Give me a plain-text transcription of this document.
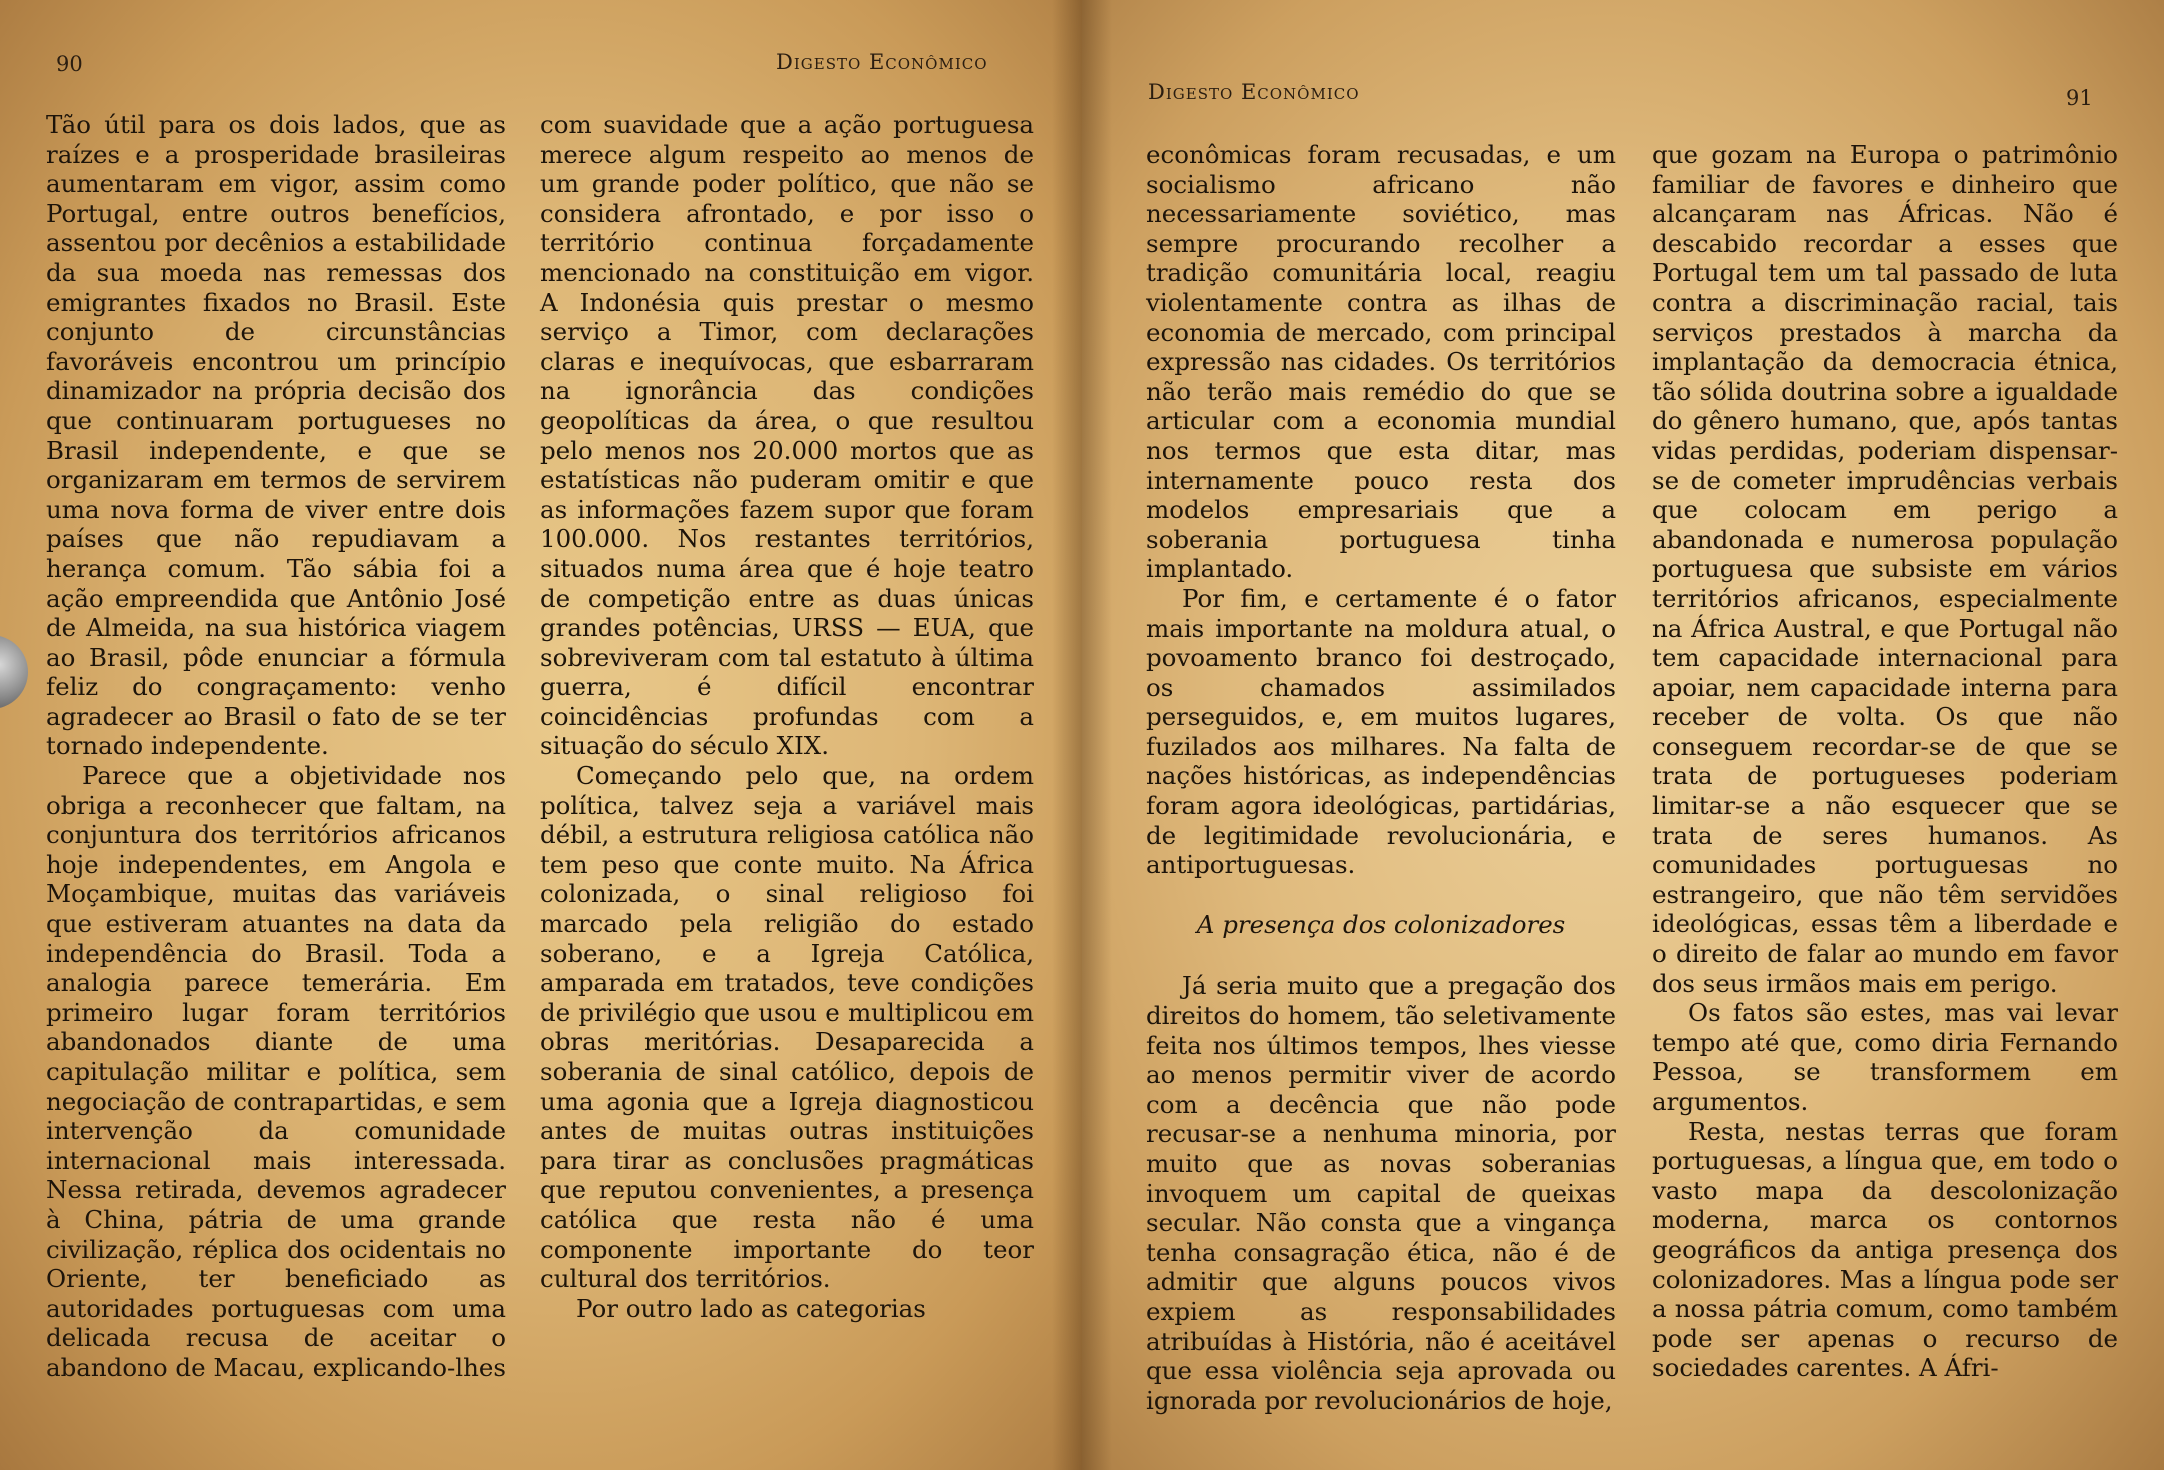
90	Digesto Econômico

Tão útil para os dois lados, que as raízes e a prosperidade brasileiras aumentaram em vigor, assim como Portugal, entre outros benefícios, assentou por decênios a estabilidade da sua moeda nas remessas dos emigrantes fixados no Brasil. Este conjunto de circunstâncias favoráveis encontrou um princípio dinamizador na própria decisão dos que continuaram portugueses no Brasil independente, e que se organizaram em termos de servirem uma nova forma de viver entre dois países que não repudiavam a herança comum. Tão sábia foi a ação empreendida que Antônio José de Almeida, na sua histórica viagem ao Brasil, pôde enunciar a fórmula feliz do congraçamento: venho agradecer ao Brasil o fato de se ter tornado independente.

Parece que a objetividade nos obriga a reconhecer que faltam, na conjuntura dos territórios africanos hoje independentes, em Angola e Moçambique, muitas das variáveis que estiveram atuantes na data da independência do Brasil. Toda a analogia parece temerária. Em primeiro lugar foram territórios abandonados diante de uma capitulação militar e política, sem negociação de contrapartidas, e sem intervenção da comunidade internacional mais interessada. Nessa retirada, devemos agradecer à China, pátria de uma grande civilização, réplica dos ocidentais no Oriente, ter beneficiado as autoridades portuguesas com uma delicada recusa de aceitar o abandono de Macau, explicando-lhes

com suavidade que a ação portuguesa merece algum respeito ao menos de um grande poder político, que não se considera afrontado, e por isso o território continua forçadamente mencionado na constituição em vigor. A Indonésia quis prestar o mesmo serviço a Timor, com declarações claras e inequívocas, que esbarraram na ignorância das condições geopolíticas da área, o que resultou pelo menos nos 20.000 mortos que as estatísticas não puderam omitir e que as informações fazem supor que foram 100.000. Nos restantes territórios, situados numa área que é hoje teatro de competição entre as duas únicas grandes potências, URSS — EUA, que sobreviveram com tal estatuto à última guerra, é difícil encontrar coincidências profundas com a situação do século XIX.

Começando pelo que, na ordem política, talvez seja a variável mais débil, a estrutura religiosa católica não tem peso que conte muito. Na África colonizada, o sinal religioso foi marcado pela religião do estado soberano, e a Igreja Católica, amparada em tratados, teve condições de privilégio que usou e multiplicou em obras meritórias. Desaparecida a soberania de sinal católico, depois de uma agonia que a Igreja diagnosticou antes de muitas outras instituições para tirar as conclusões pragmáticas que reputou convenientes, a presença católica que resta não é uma componente importante do teor cultural dos territórios.

Por outro lado as categorias

Digesto Econômico	91

econômicas foram recusadas, e um socialismo africano não necessariamente soviético, mas sempre procurando recolher a tradição comunitária local, reagiu violentamente contra as ilhas de economia de mercado, com principal expressão nas cidades. Os territórios não terão mais remédio do que se articular com a economia mundial nos termos que esta ditar, mas internamente pouco resta dos modelos empresariais que a soberania portuguesa tinha implantado.

Por fim, e certamente é o fator mais importante na moldura atual, o povoamento branco foi destroçado, os chamados assimilados perseguidos, e, em muitos lugares, fuzilados aos milhares. Na falta de nações históricas, as independências foram agora ideológicas, partidárias, de legitimidade revolucionária, e antiportuguesas.

A presença dos colonizadores

Já seria muito que a pregação dos direitos do homem, tão seletivamente feita nos últimos tempos, lhes viesse ao menos permitir viver de acordo com a decência que não pode recusar-se a nenhuma minoria, por muito que as novas soberanias invoquem um capital de queixas secular. Não consta que a vingança tenha consagração ética, não é de admitir que alguns poucos vivos expiem as responsabilidades atribuídas à História, não é aceitável que essa violência seja aprovada ou ignorada por revolucionários de hoje,

que gozam na Europa o patrimônio familiar de favores e dinheiro que alcançaram nas Áfricas. Não é descabido recordar a esses que Portugal tem um tal passado de luta contra a discriminação racial, tais serviços prestados à marcha da implantação da democracia étnica, tão sólida doutrina sobre a igualdade do gênero humano, que, após tantas vidas perdidas, poderiam dispensar-se de cometer imprudências verbais que colocam em perigo a abandonada e numerosa população portuguesa que subsiste em vários territórios africanos, especialmente na África Austral, e que Portugal não tem capacidade internacional para apoiar, nem capacidade interna para receber de volta. Os que não conseguem recordar-se de que se trata de portugueses poderiam limitar-se a não esquecer que se trata de seres humanos. As comunidades portuguesas no estrangeiro, que não têm servidões ideológicas, essas têm a liberdade e o direito de falar ao mundo em favor dos seus irmãos mais em perigo.

Os fatos são estes, mas vai levar tempo até que, como diria Fernando Pessoa, se transformem em argumentos.

Resta, nestas terras que foram portuguesas, a língua que, em todo o vasto mapa da descolonização moderna, marca os contornos geográficos da antiga presença dos colonizadores. Mas a língua pode ser a nossa pátria comum, como também pode ser apenas o recurso de sociedades carentes. A Áfri-
